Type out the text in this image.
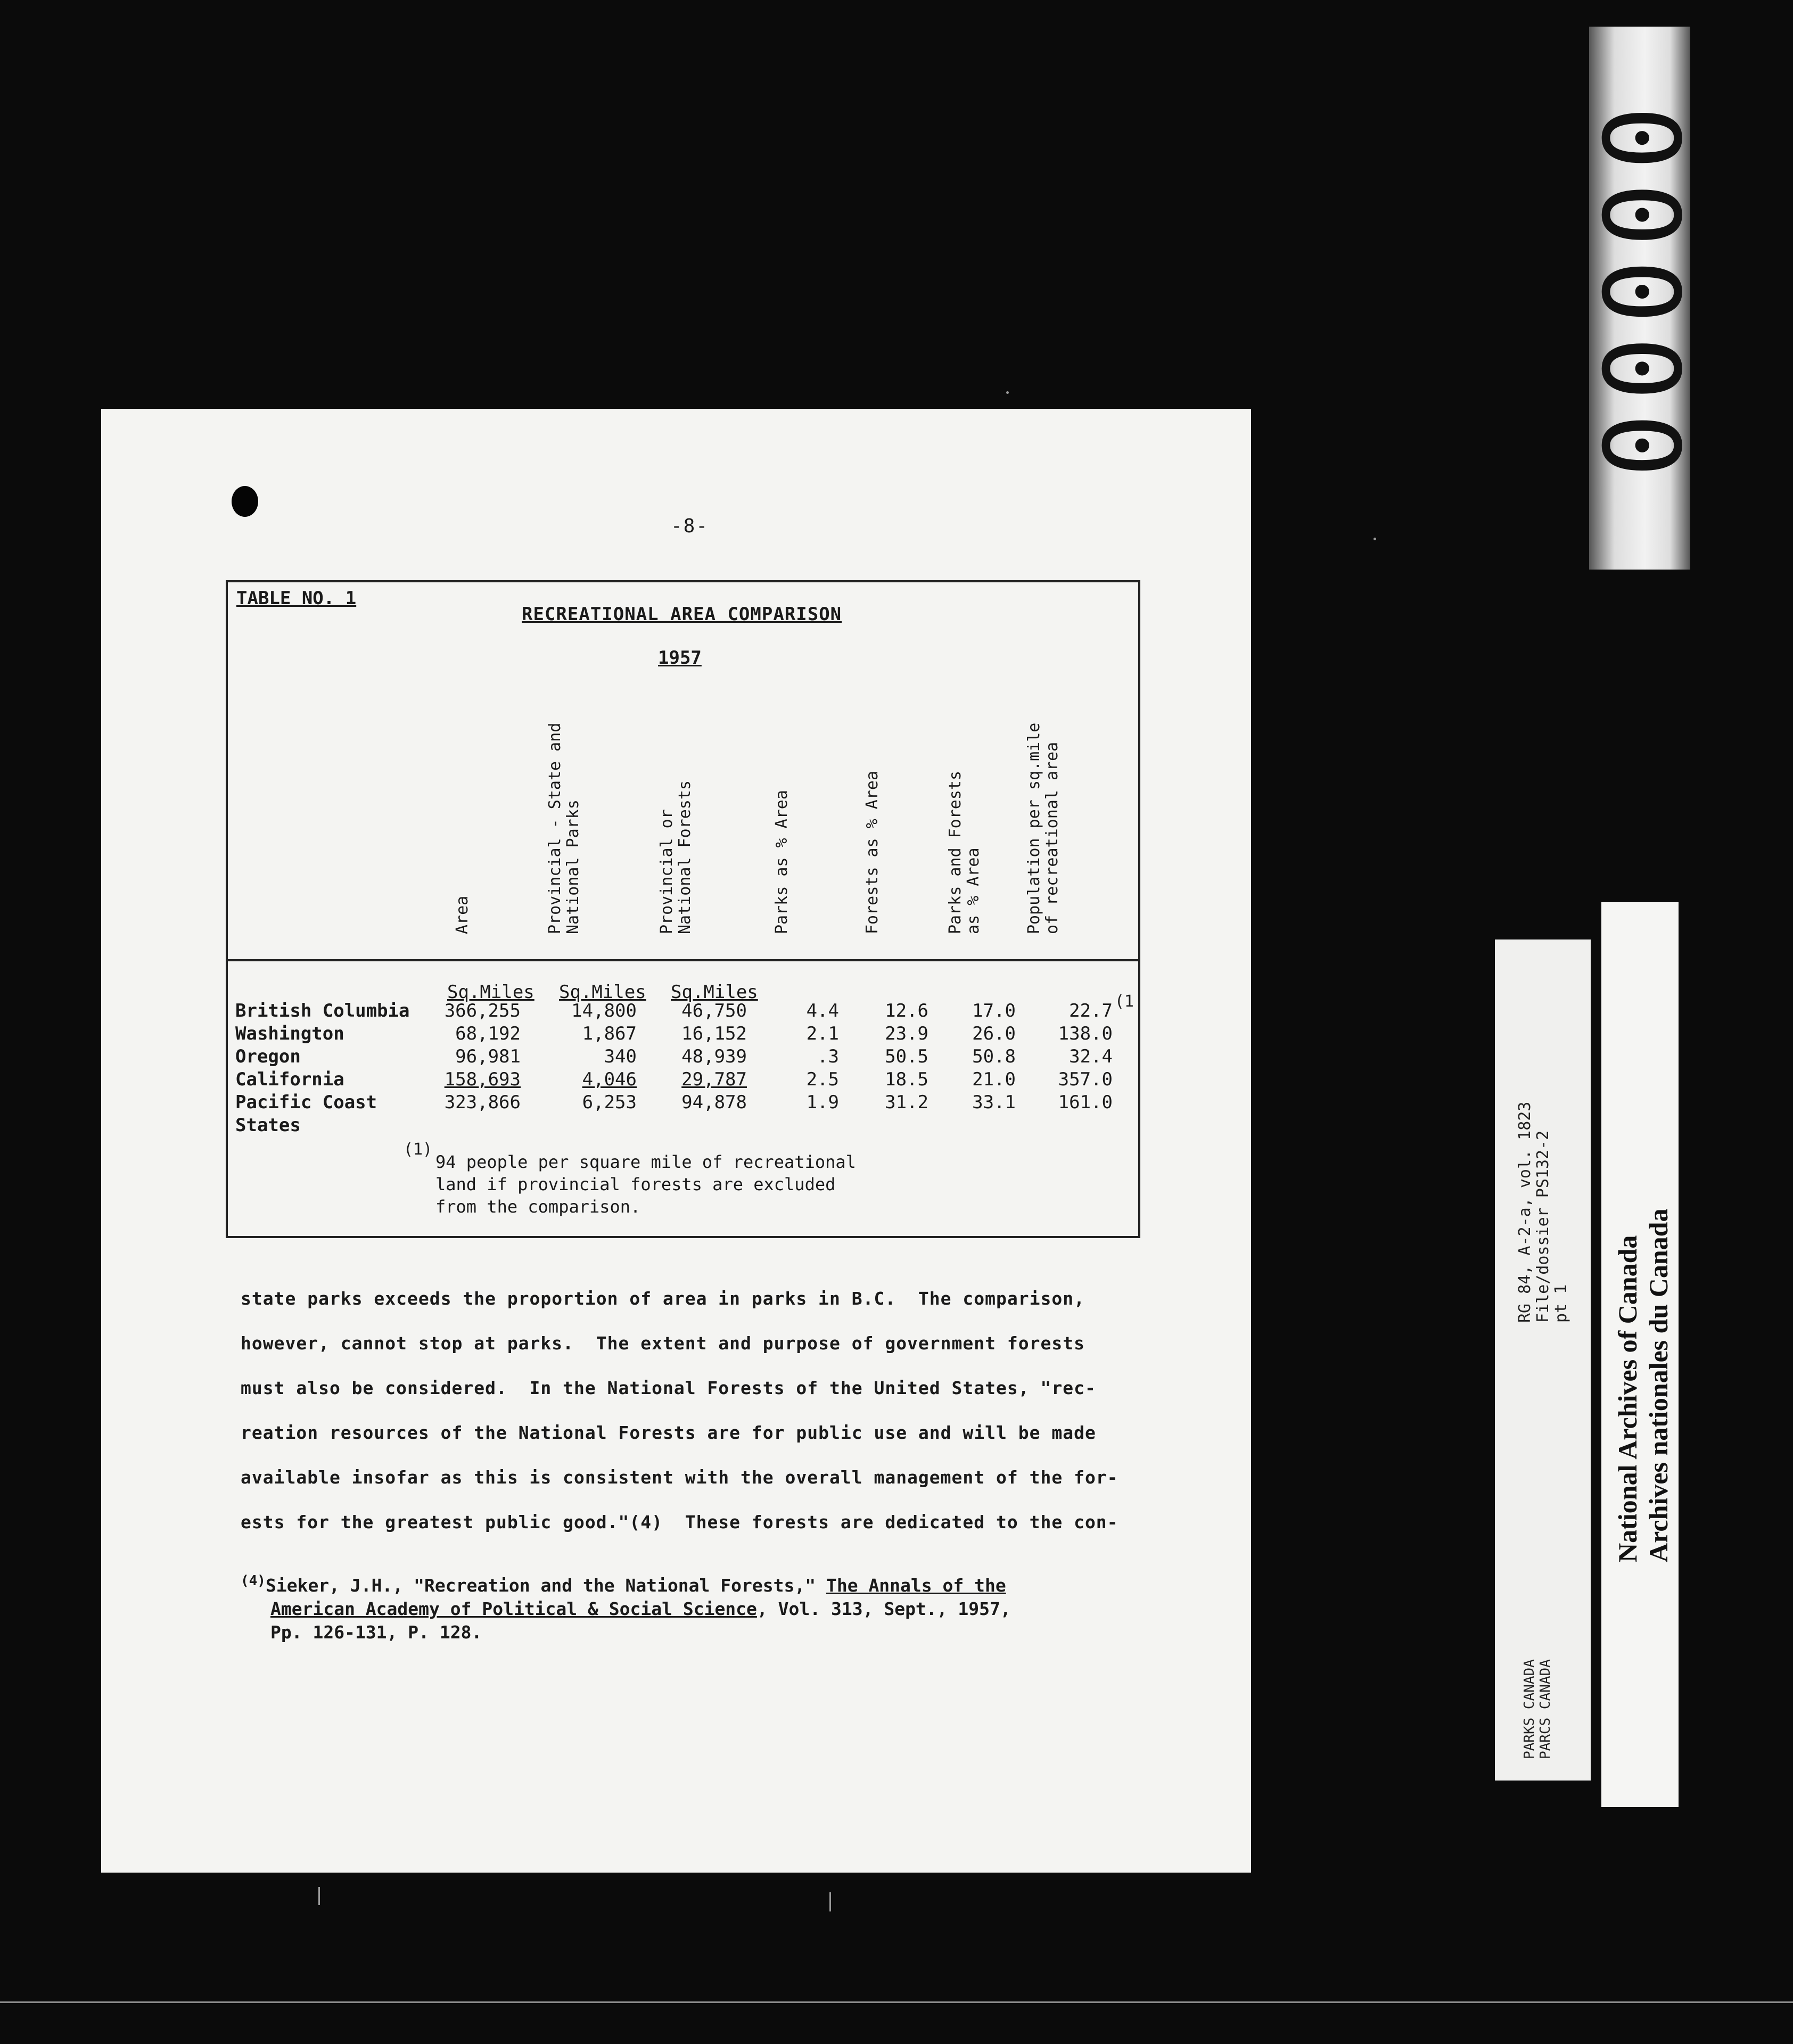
-8-
TABLE NO. 1
RECREATIONAL AREA COMPARISON
1957
Area	Provincial - State and National Parks	Provincial or National Forests	Parks as % Area	Forests as % Area	Parks and Forests as % Area	Population per sq.mile of recreational area
Sq.Miles Sq.Miles Sq.Miles
British Columbia 366,255	14,800 46,750	4.4	12.6 17.0	22.7 (1
Washington	68,192	1,867 16,152	2.1	23.9 26.0 138.0
Oregon	96,981	340 48,939	.3	50.5 50.8	32.4
California	158,693	4,046 29,787	2.5	18.5 21.0 357.0
Pacific Coast
States
323,866	6,253 94,878	1.9	31.2 33.1 161.0
(1)
94 people per square mile of recreational
land if provincial forests are excluded
from the comparison.
state parks exceeds the proportion of area in parks in B.C.  The comparison,
however, cannot stop at parks.  The extent and purpose of government forests
must also be considered.  In the National Forests of the United States, "rec-
reation resources of the National Forests are for public use and will be made
available insofar as this is consistent with the overall management of the for-
ests for the greatest public good."(4)  These forests are dedicated to the con-
$^{(4)}$Sieker, J.H., "Recreation and the National Forests," The Annals of the
American Academy of Political & Social Science, Vol. 313, Sept., 1957,
Pp. 126-131, P. 128.
00000
RG 84, A-2-a, vol. 1823 File/dossier PS132-2 pt 1
PARKS CANADA PARCS CANADA
National Archives of Canada Archives nationales du Canada
